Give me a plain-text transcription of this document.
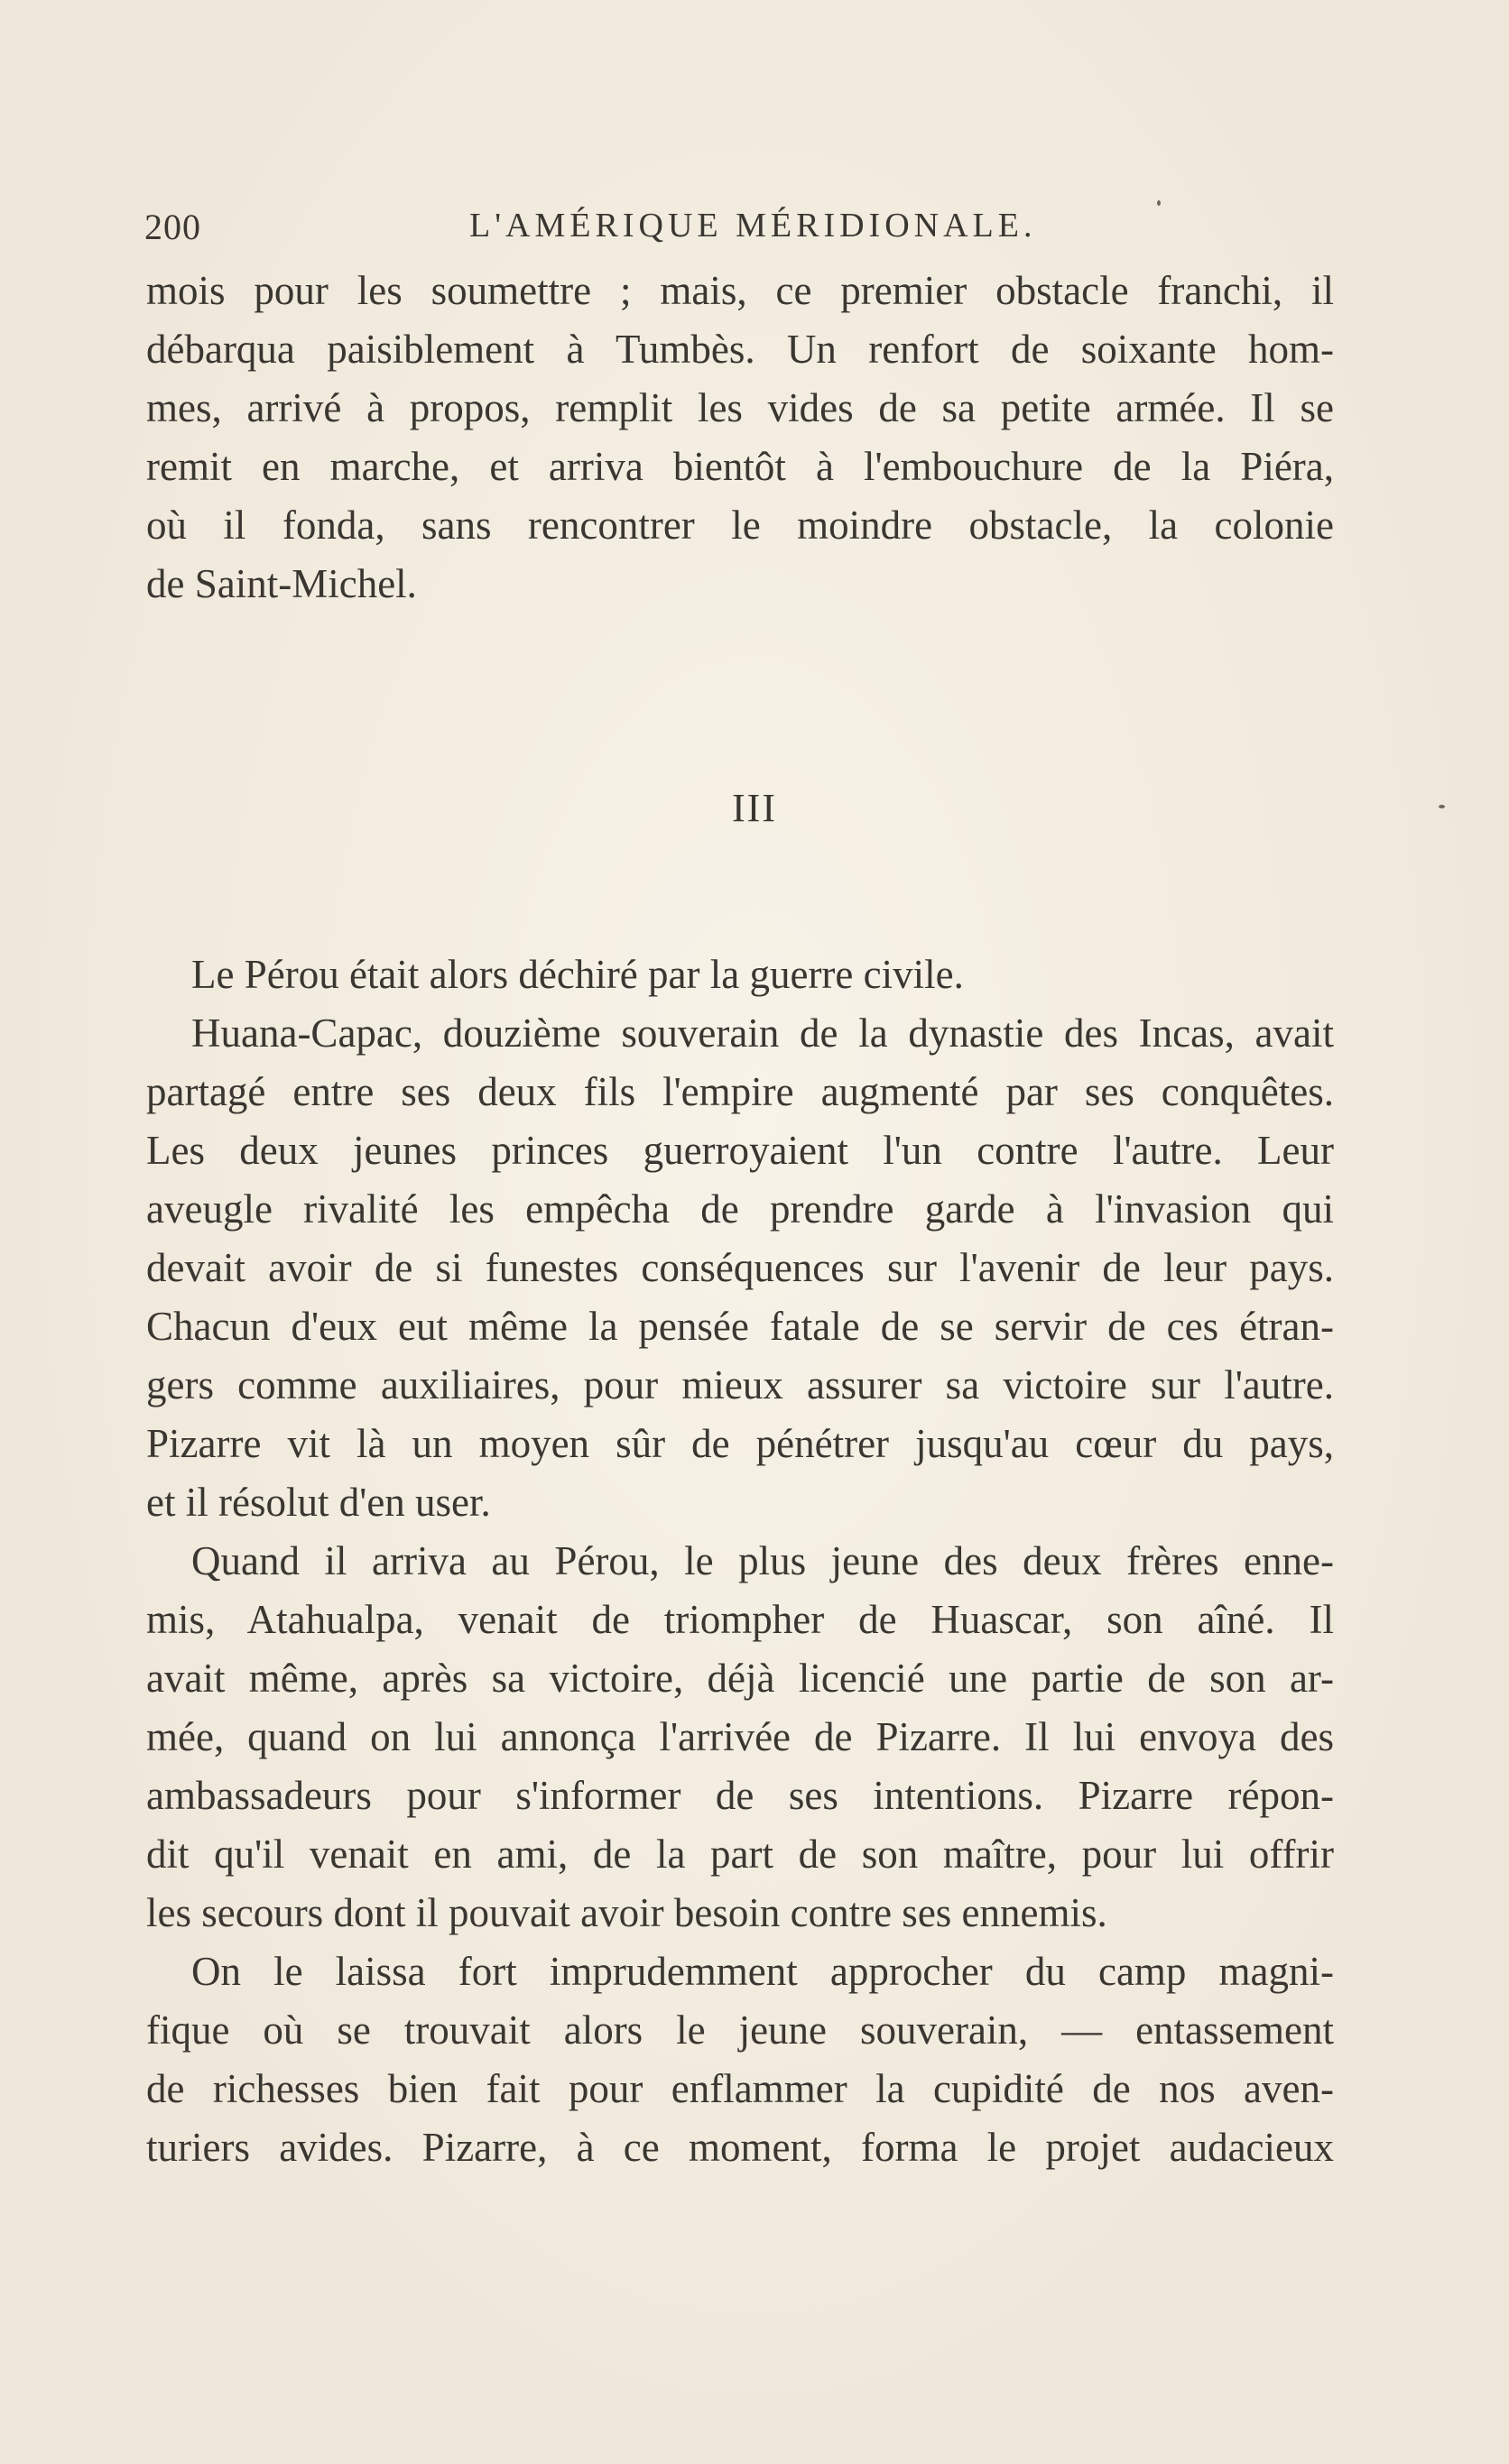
200	L'AMÉRIQUE MÉRIDIONALE.
mois pour les soumettre ; mais, ce premier obstacle franchi, il
débarqua paisiblement à Tumbès. Un renfort de soixante hom-
mes, arrivé à propos, remplit les vides de sa petite armée. Il se
remit en marche, et arriva bientôt à l'embouchure de la Piéra,
où il fonda, sans rencontrer le moindre obstacle, la colonie
de Saint-Michel.
III
Le Pérou était alors déchiré par la guerre civile.
Huana-Capac, douzième souverain de la dynastie des Incas, avait
partagé entre ses deux fils l'empire augmenté par ses conquêtes.
Les deux jeunes princes guerroyaient l'un contre l'autre. Leur
aveugle rivalité les empêcha de prendre garde à l'invasion qui
devait avoir de si funestes conséquences sur l'avenir de leur pays.
Chacun d'eux eut même la pensée fatale de se servir de ces étran-
gers comme auxiliaires, pour mieux assurer sa victoire sur l'autre.
Pizarre vit là un moyen sûr de pénétrer jusqu'au cœur du pays,
et il résolut d'en user.
Quand il arriva au Pérou, le plus jeune des deux frères enne-
mis, Atahualpa, venait de triompher de Huascar, son aîné. Il
avait même, après sa victoire, déjà licencié une partie de son ar-
mée, quand on lui annonça l'arrivée de Pizarre. Il lui envoya des
ambassadeurs pour s'informer de ses intentions. Pizarre répon-
dit qu'il venait en ami, de la part de son maître, pour lui offrir
les secours dont il pouvait avoir besoin contre ses ennemis.
On le laissa fort imprudemment approcher du camp magni-
fique où se trouvait alors le jeune souverain, — entassement
de richesses bien fait pour enflammer la cupidité de nos aven-
turiers avides. Pizarre, à ce moment, forma le projet audacieux
